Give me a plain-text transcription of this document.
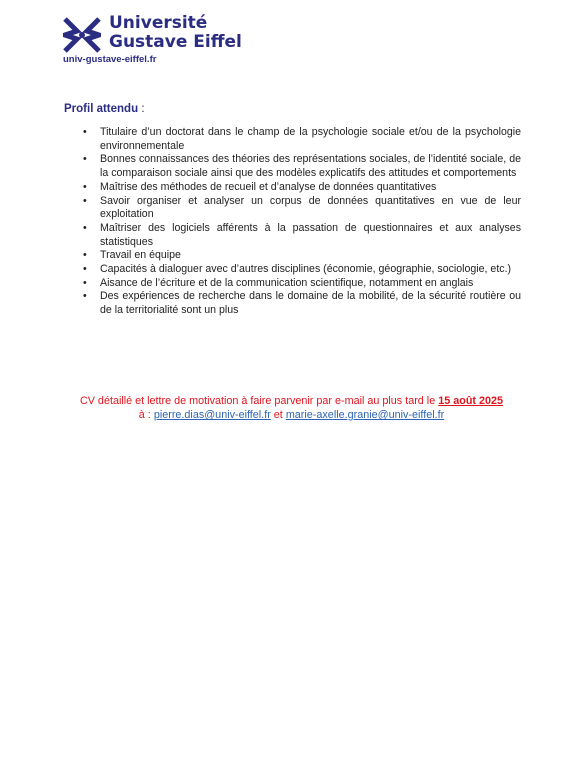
Université
Gustave Eiffel
univ-gustave-eiffel.fr
Profil attendu :
• Titulaire d’un doctorat dans le champ de la psychologie sociale et/ou de la psychologie environnementale
• Bonnes connaissances des théories des représentations sociales, de l’identité sociale, de la comparaison sociale ainsi que des modèles explicatifs des attitudes et comportements
• Maîtrise des méthodes de recueil et d’analyse de données quantitatives
• Savoir organiser et analyser un corpus de données quantitatives en vue de leur exploitation
• Maîtriser des logiciels afférents à la passation de questionnaires et aux analyses statistiques
• Travail en équipe
• Capacités à dialoguer avec d’autres disciplines (économie, géographie, sociologie, etc.)
• Aisance de l’écriture et de la communication scientifique, notamment en anglais
• Des expériences de recherche dans le domaine de la mobilité, de la sécurité routière ou de la territorialité sont un plus
CV détaillé et lettre de motivation à faire parvenir par e-mail au plus tard le 15 août 2025
à : pierre.dias@univ-eiffel.fr et marie-axelle.granie@univ-eiffel.fr
